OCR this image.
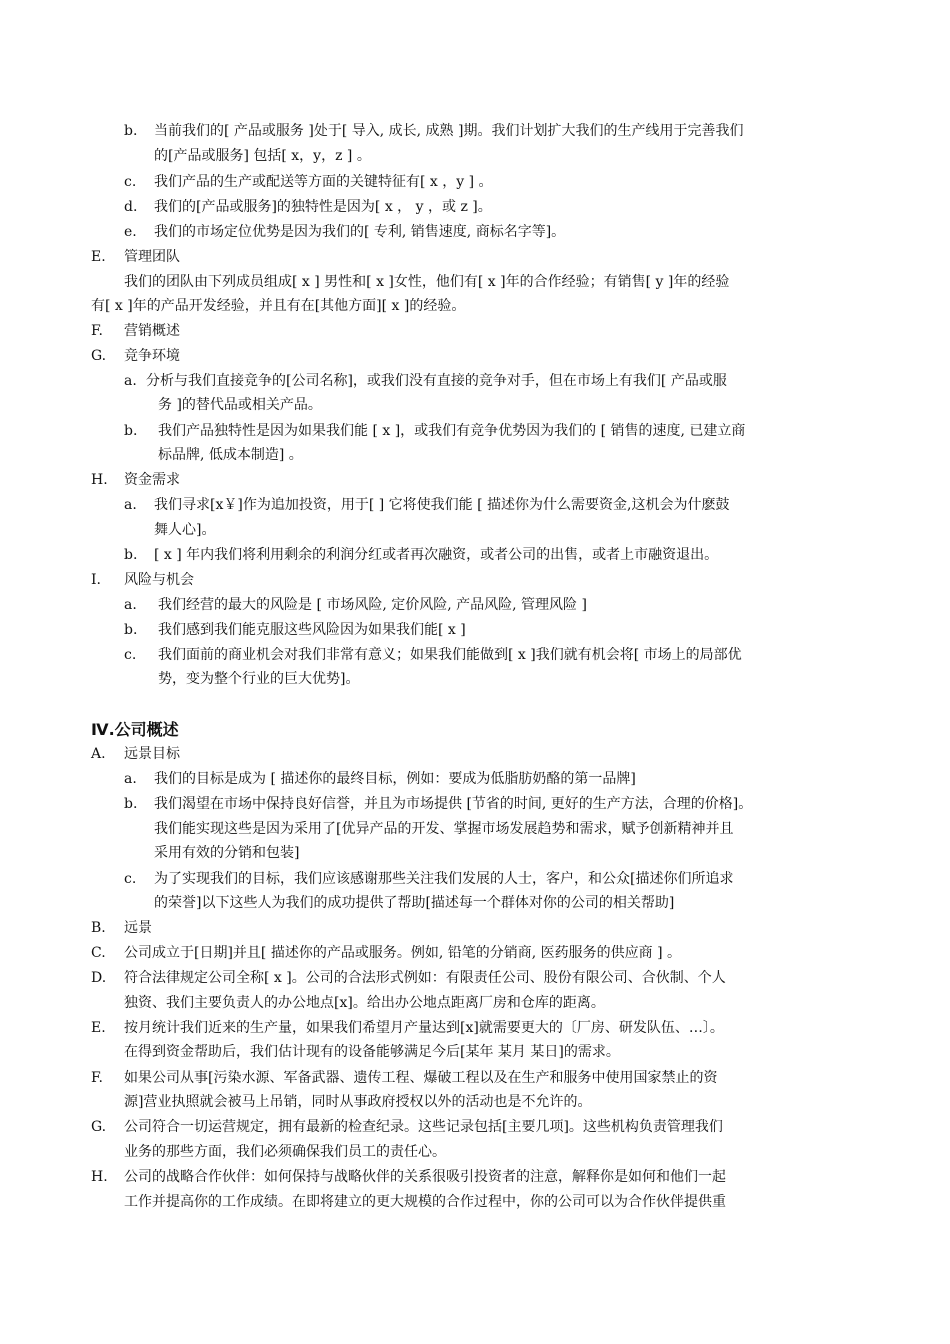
b. 当前我们的[ 产品或服务 ]处于[ 导入, 成长, 成熟 ]期。我们计划扩大我们的生产线用于完善我们
的[产品或服务] 包括[ x，y，z ] 。
c. 我们产品的生产或配送等方面的关键特征有[ x ，y ] 。
d. 我们的[产品或服务]的独特性是因为[ x ， y ，或 z ]。
e. 我们的市场定位优势是因为我们的[ 专利, 销售速度, 商标名字等]。
E. 管理团队
我们的团队由下列成员组成[ x ] 男性和[ x ]女性，他们有[ x ]年的合作经验；有销售[ y ]年的经验
有[ x ]年的产品开发经验，并且有在[其他方面][ x ]的经验。
F. 营销概述
G. 竞争环境
a. 分析与我们直接竞争的[公司名称]，或我们没有直接的竞争对手，但在市场上有我们[ 产品或服
务 ]的替代品或相关产品。
b. 我们产品独特性是因为如果我们能 [ x ]，或我们有竞争优势因为我们的 [ 销售的速度, 已建立商
标品牌, 低成本制造] 。
H. 资金需求
a. 我们寻求[x￥]作为追加投资，用于[ ] 它将使我们能 [ 描述你为什么需要资金,这机会为什麽鼓
舞人心]。
b. [ x ] 年内我们将利用剩余的利润分红或者再次融资，或者公司的出售，或者上市融资退出。
I. 风险与机会
a. 我们经营的最大的风险是 [ 市场风险, 定价风险, 产品风险, 管理风险 ]
b. 我们感到我们能克服这些风险因为如果我们能[ x ]
c. 我们面前的商业机会对我们非常有意义；如果我们能做到[ x ]我们就有机会将[ 市场上的局部优
势，变为整个行业的巨大优势]。
Ⅳ.公司概述
A. 远景目标
a. 我们的目标是成为 [ 描述你的最终目标，例如：要成为低脂肪奶酪的第一品牌]
b. 我们渴望在市场中保持良好信誉，并且为市场提供 [节省的时间, 更好的生产方法，合理的价格]。
我们能实现这些是因为采用了[优异产品的开发、掌握市场发展趋势和需求，赋予创新精神并且
采用有效的分销和包装]
c. 为了实现我们的目标，我们应该感谢那些关注我们发展的人士，客户，和公众[描述你们所追求
的荣誉]以下这些人为我们的成功提供了帮助[描述每一个群体对你的公司的相关帮助]
B. 远景
C. 公司成立于[日期]并且[ 描述你的产品或服务。例如, 铅笔的分销商, 医药服务的供应商 ] 。
D. 符合法律规定公司全称[ x ]。公司的合法形式例如：有限责任公司、股份有限公司、合伙制、个人
独资、我们主要负责人的办公地点[x]。给出办公地点距离厂房和仓库的距离。
E. 按月统计我们近来的生产量，如果我们希望月产量达到[x]就需要更大的〔厂房、研发队伍、…〕。
在得到资金帮助后，我们估计现有的设备能够满足今后[某年 某月 某日]的需求。
F. 如果公司从事[污染水源、军备武器、遗传工程、爆破工程以及在生产和服务中使用国家禁止的资
源]营业执照就会被马上吊销，同时从事政府授权以外的活动也是不允许的。
G. 公司符合一切运营规定，拥有最新的检查纪录。这些记录包括[主要几项]。这些机构负责管理我们
业务的那些方面，我们必须确保我们员工的责任心。
H. 公司的战略合作伙伴：如何保持与战略伙伴的关系很吸引投资者的注意，解释你是如何和他们一起
工作并提高你的工作成绩。在即将建立的更大规模的合作过程中，你的公司可以为合作伙伴提供重
